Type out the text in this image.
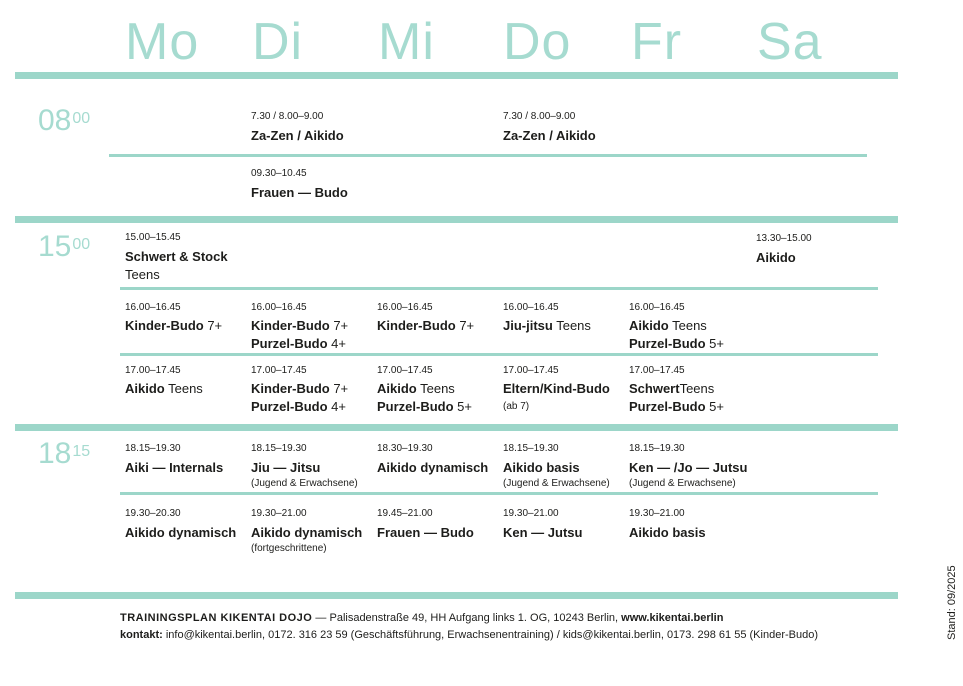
Mo Di Mi Do Fr Sa
$08^{00}$
$15^{00}$
$18^{15}$
7.30 / 8.00–9.00
Za-Zen / Aikido
7.30 / 8.00–9.00
Za-Zen / Aikido
09.30–10.45
Frauen — Budo
15.00–15.45
Schwert & Stock
Teens
13.30–15.00
Aikido
16.00–16.45
Kinder-Budo 7+
16.00–16.45
Kinder-Budo 7+
Purzel-Budo 4+
16.00–16.45
Kinder-Budo 7+
16.00–16.45
Jiu-jitsu Teens
16.00–16.45
Aikido Teens
Purzel-Budo 5+
17.00–17.45
Aikido Teens
17.00–17.45
Kinder-Budo 7+
Purzel-Budo 4+
17.00–17.45
Aikido Teens
Purzel-Budo 5+
17.00–17.45
Eltern/Kind-Budo
(ab 7)
17.00–17.45
SchwertTeens
Purzel-Budo 5+
18.15–19.30
Aiki — Internals
18.15–19.30
Jiu — Jitsu
(Jugend & Erwachsene)
18.30–19.30
Aikido dynamisch
18.15–19.30
Aikido basis
(Jugend & Erwachsene)
18.15–19.30
Ken — /Jo — Jutsu
(Jugend & Erwachsene)
19.30–20.30
Aikido dynamisch
19.30–21.00
Aikido dynamisch
(fortgeschrittene)
19.45–21.00
Frauen — Budo
19.30–21.00
Ken — Jutsu
19.30–21.00
Aikido basis
TRAININGSPLAN KIKENTAI DOJO — Palisadenstraße 49, HH Aufgang links 1. OG, 10243 Berlin, www.kikentai.berlin
kontakt: info@kikentai.berlin, 0172. 316 23 59 (Geschäftsführung, Erwachsenentraining) / kids@kikentai.berlin, 0173. 298 61 55 (Kinder-Budo)	Stand: 09/2025
